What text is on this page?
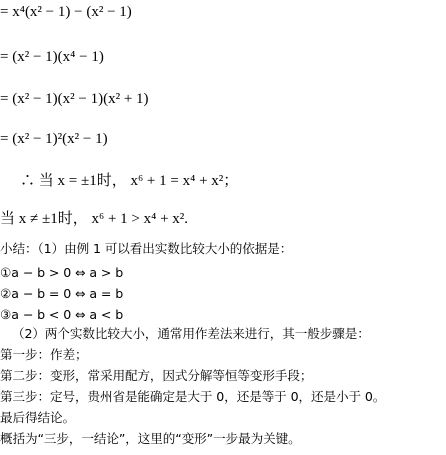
= x⁴(x² − 1) − (x² − 1)
= (x² − 1)(x⁴ − 1)
= (x² − 1)(x² − 1)(x² + 1)
= (x² − 1)²(x² − 1)
∴ 当 x = ±1时， x⁶ + 1 = x⁴ + x²；
当 x ≠ ±1时， x⁶ + 1 > x⁴ + x².
小结：（1）由例 1 可以看出实数比较大小的依据是：
①a − b > 0 ⇔ a > b
②a − b = 0 ⇔ a = b
③a − b < 0 ⇔ a < b
（2）两个实数比较大小，通常用作差法来进行，其一般步骤是：
第一步：作差；
第二步：变形，常采用配方，因式分解等恒等变形手段；
第三步：定号，贵州省是能确定是大于 0，还是等于 0，还是小于 0。
最后得结论。
概括为“三步，一结论”，这里的“变形”一步最为关键。
